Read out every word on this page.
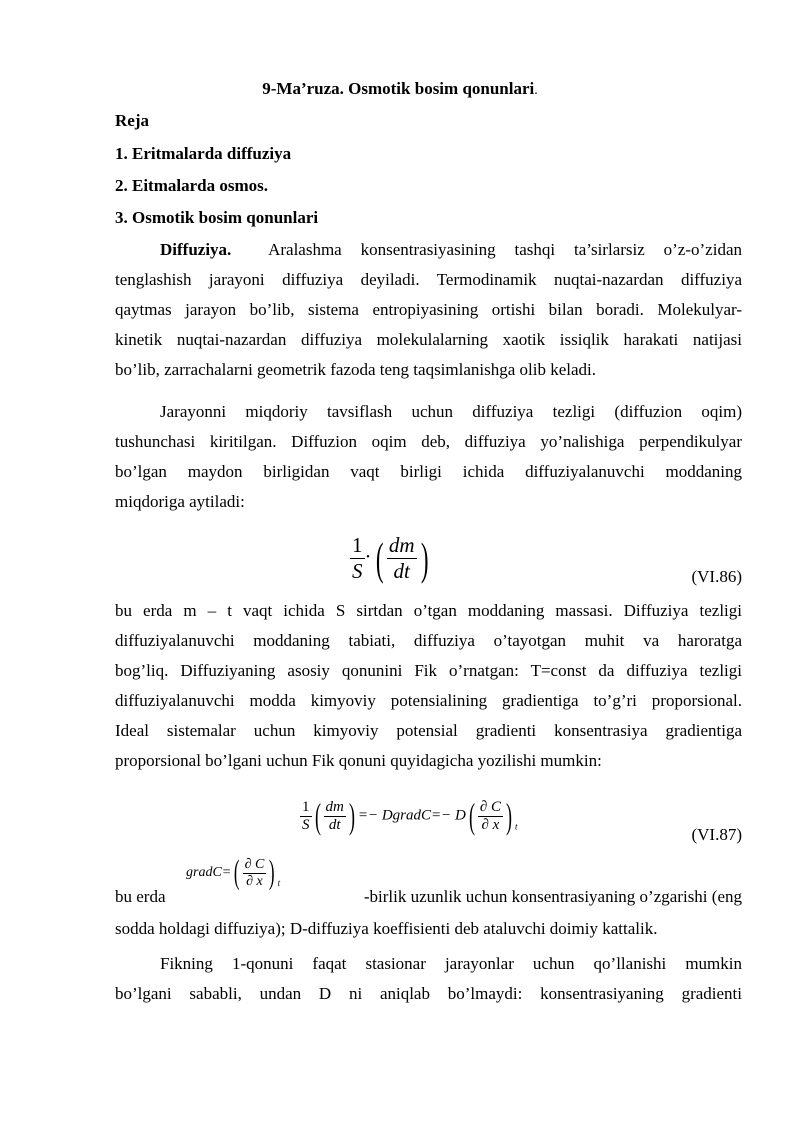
9-Ma’ruza. Osmotik bosim qonunlari.
Reja
1. Eritmalarda diffuziya
2. Eitmalarda osmos.
3. Osmotik bosim qonunlari
Diffuziya. Aralashma konsentrasiyasining tashqi ta’sirlarsiz o’z-o’zidan
tenglashish jarayoni diffuziya deyiladi. Termodinamik nuqtai-nazardan diffuziya
qaytmas jarayon bo’lib, sistema entropiyasining ortishi bilan boradi. Molekulyar-
kinetik nuqtai-nazardan diffuziya molekulalarning xaotik issiqlik harakati natijasi
bo’lib, zarrachalarni geometrik fazoda teng taqsimlanishga olib keladi.
Jarayonni miqdoriy tavsiflash uchun diffuziya tezligi (diffuzion oqim)
tushunchasi kiritilgan. Diffuzion oqim deb, diffuziya yo’nalishiga perpendikulyar
bo’lgan maydon birligidan vaqt birligi ichida diffuziyalanuvchi moddaning
miqdoriga aytiladi:
$\frac{1}{S}$ ·( $\frac{dm}{dt}$ )	(VI.86)
bu erda m – t vaqt ichida S sirtdan o’tgan moddaning massasi. Diffuziya tezligi
diffuziyalanuvchi moddaning tabiati, diffuziya o’tayotgan muhit va haroratga
bog’liq. Diffuziyaning asosiy qonunini Fik o’rnatgan: T=const da diffuziya tezligi
diffuziyalanuvchi modda kimyoviy potensialining gradientiga to’g’ri proporsional.
Ideal sistemalar uchun kimyoviy potensial gradienti konsentrasiya gradientiga
proporsional bo’lgani uchun Fik qonuni quyidagicha yozilishi mumkin:
$\frac{1}{S}$ ( $\frac{dm}{dt}$ ) =− DgradC=− $D( \frac{\partial C}{\partial x}$ ) $_t$	(VI.87)
gradC=( $\frac{\partial C}{\partial x}$ ) $_t$
bu erda	-birlik uzunlik uchun konsentrasiyaning o’zgarishi (eng
sodda holdagi diffuziya); D-diffuziya koeffisienti deb ataluvchi doimiy kattalik.
Fikning 1-qonuni faqat stasionar jarayonlar uchun qo’llanishi mumkin
bo’lgani sababli, undan D ni aniqlab bo’lmaydi: konsentrasiyaning gradienti
